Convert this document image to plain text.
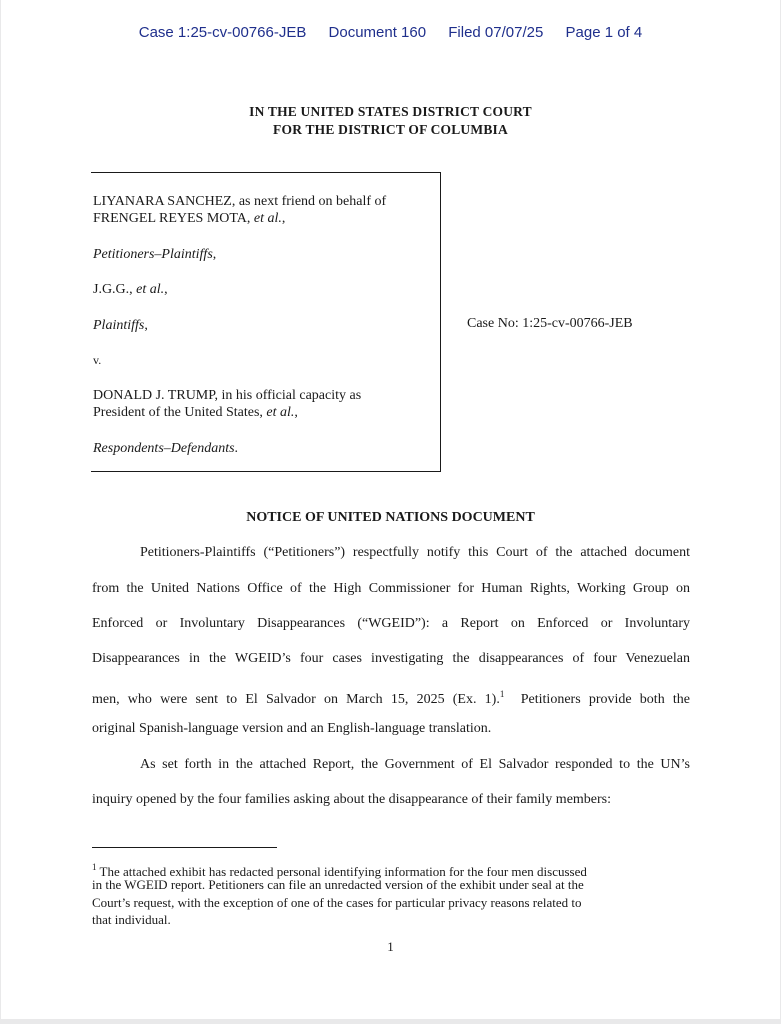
Case 1:25-cv-00766-JEB Document 160 Filed 07/07/25 Page 1 of 4
IN THE UNITED STATES DISTRICT COURT
FOR THE DISTRICT OF COLUMBIA
LIYANARA SANCHEZ, as next friend on behalf of
FRENGEL REYES MOTA, et al.,
Petitioners–Plaintiffs,
J.G.G., et al.,
Plaintiffs,
v.
DONALD J. TRUMP, in his official capacity as
President of the United States, et al.,
Respondents–Defendants.
Case No: 1:25-cv-00766-JEB
NOTICE OF UNITED NATIONS DOCUMENT
Petitioners-Plaintiffs (“Petitioners”) respectfully notify this Court of the attached document
from the United Nations Office of the High Commissioner for Human Rights, Working Group on
Enforced or Involuntary Disappearances (“WGEID”): a Report on Enforced or Involuntary
Disappearances in the WGEID’s four cases investigating the disappearances of four Venezuelan
men, who were sent to El Salvador on March 15, 2025 (Ex. 1).$^1$  Petitioners provide both the
original Spanish-language version and an English-language translation.
As set forth in the attached Report, the Government of El Salvador responded to the UN’s
inquiry opened by the four families asking about the disappearance of their family members:
$^1$ The attached exhibit has redacted personal identifying information for the four men discussed
in the WGEID report. Petitioners can file an unredacted version of the exhibit under seal at the
Court’s request, with the exception of one of the cases for particular privacy reasons related to
that individual.
1
